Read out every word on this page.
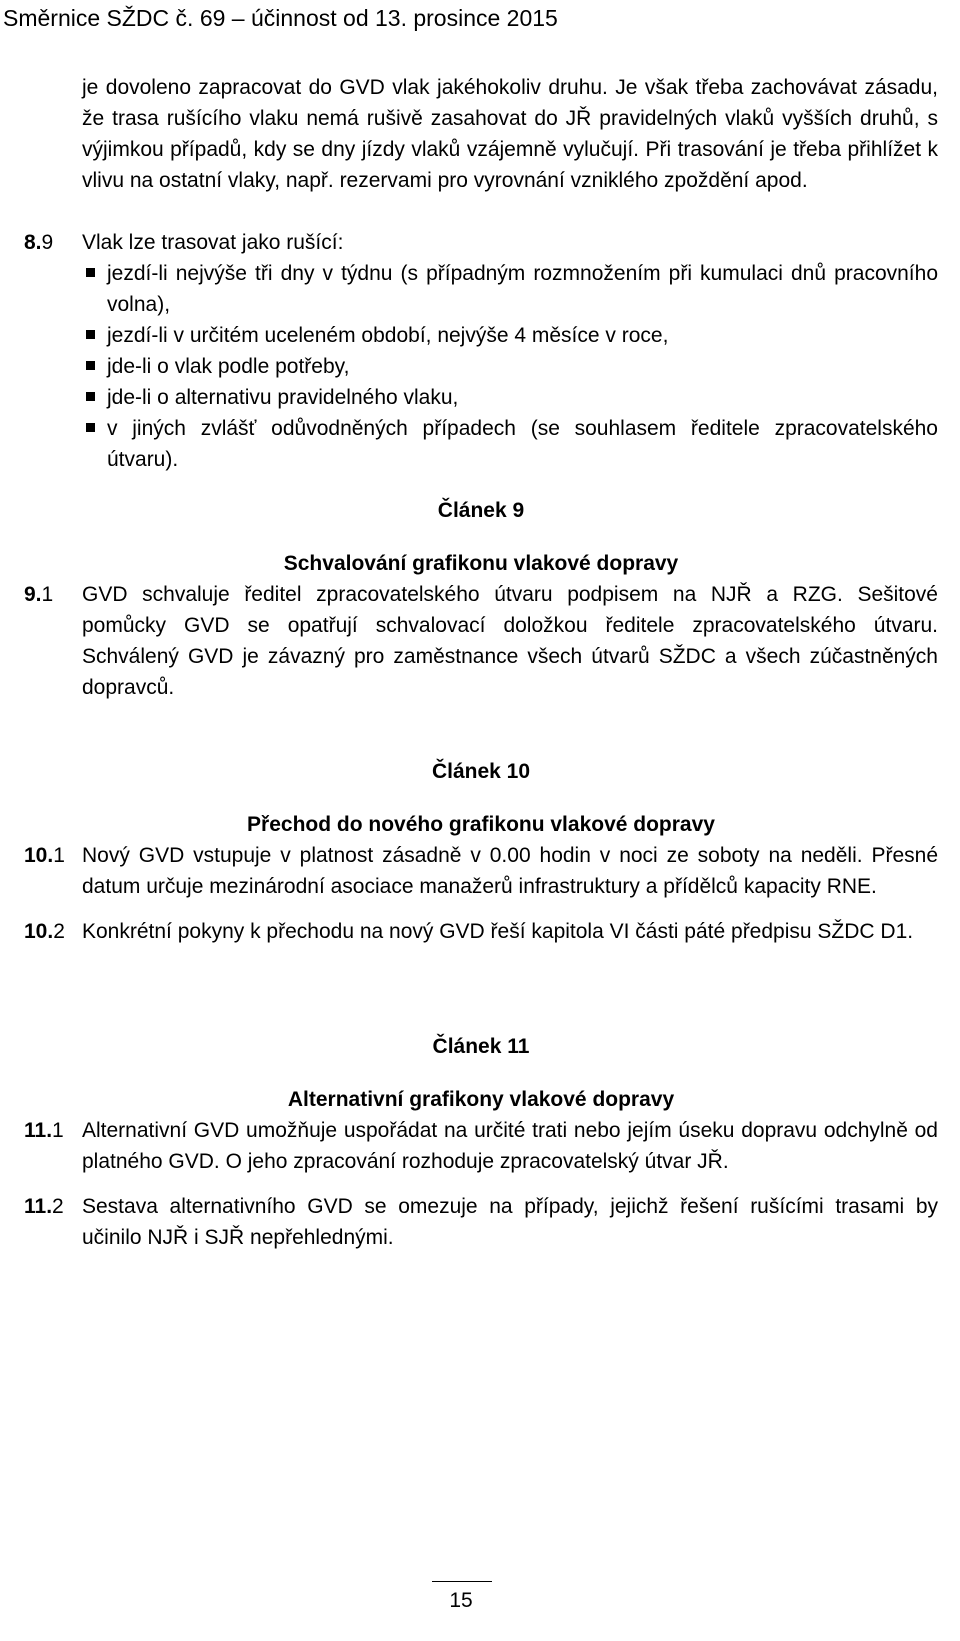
Směrnice SŽDC č. 69 – účinnost od 13. prosince 2015

je dovoleno zapracovat do GVD vlak jakéhokoliv druhu. Je však třeba zachovávat zásadu, že trasa rušícího vlaku nemá rušivě zasahovat do JŘ pravidelných vlaků vyšších druhů, s výjimkou případů, kdy se dny jízdy vlaků vzájemně vylučují. Při trasování je třeba přihlížet k vlivu na ostatní vlaky, např. rezervami pro vyrovnání vzniklého zpoždění apod.

8.9 Vlak lze trasovat jako rušící:
jezdí-li nejvýše tři dny v týdnu (s případným rozmnožením při kumulaci dnů pracovního volna),
jezdí-li v určitém uceleném období, nejvýše 4 měsíce v roce,
jde-li o vlak podle potřeby,
jde-li o alternativu pravidelného vlaku,
v jiných zvlášť odůvodněných případech (se souhlasem ředitele zpracovatelského útvaru).

Článek 9

Schvalování grafikonu vlakové dopravy

9.1 GVD schvaluje ředitel zpracovatelského útvaru podpisem na NJŘ a RZG. Sešitové pomůcky GVD se opatřují schvalovací doložkou ředitele zpracovatelského útvaru. Schválený GVD je závazný pro zaměstnance všech útvarů SŽDC a všech zúčastněných dopravců.

Článek 10

Přechod do nového grafikonu vlakové dopravy

10.1 Nový GVD vstupuje v platnost zásadně v 0.00 hodin v noci ze soboty na neděli. Přesné datum určuje mezinárodní asociace manažerů infrastruktury a přídělců kapacity RNE.
10.2 Konkrétní pokyny k přechodu na nový GVD řeší kapitola VI části páté předpisu SŽDC D1.

Článek 11

Alternativní grafikony vlakové dopravy

11.1 Alternativní GVD umožňuje uspořádat na určité trati nebo jejím úseku dopravu odchylně od platného GVD. O jeho zpracování rozhoduje zpracovatelský útvar JŘ.
11.2 Sestava alternativního GVD se omezuje na případy, jejichž řešení rušícími trasami by učinilo NJŘ i SJŘ nepřehlednými.
15
